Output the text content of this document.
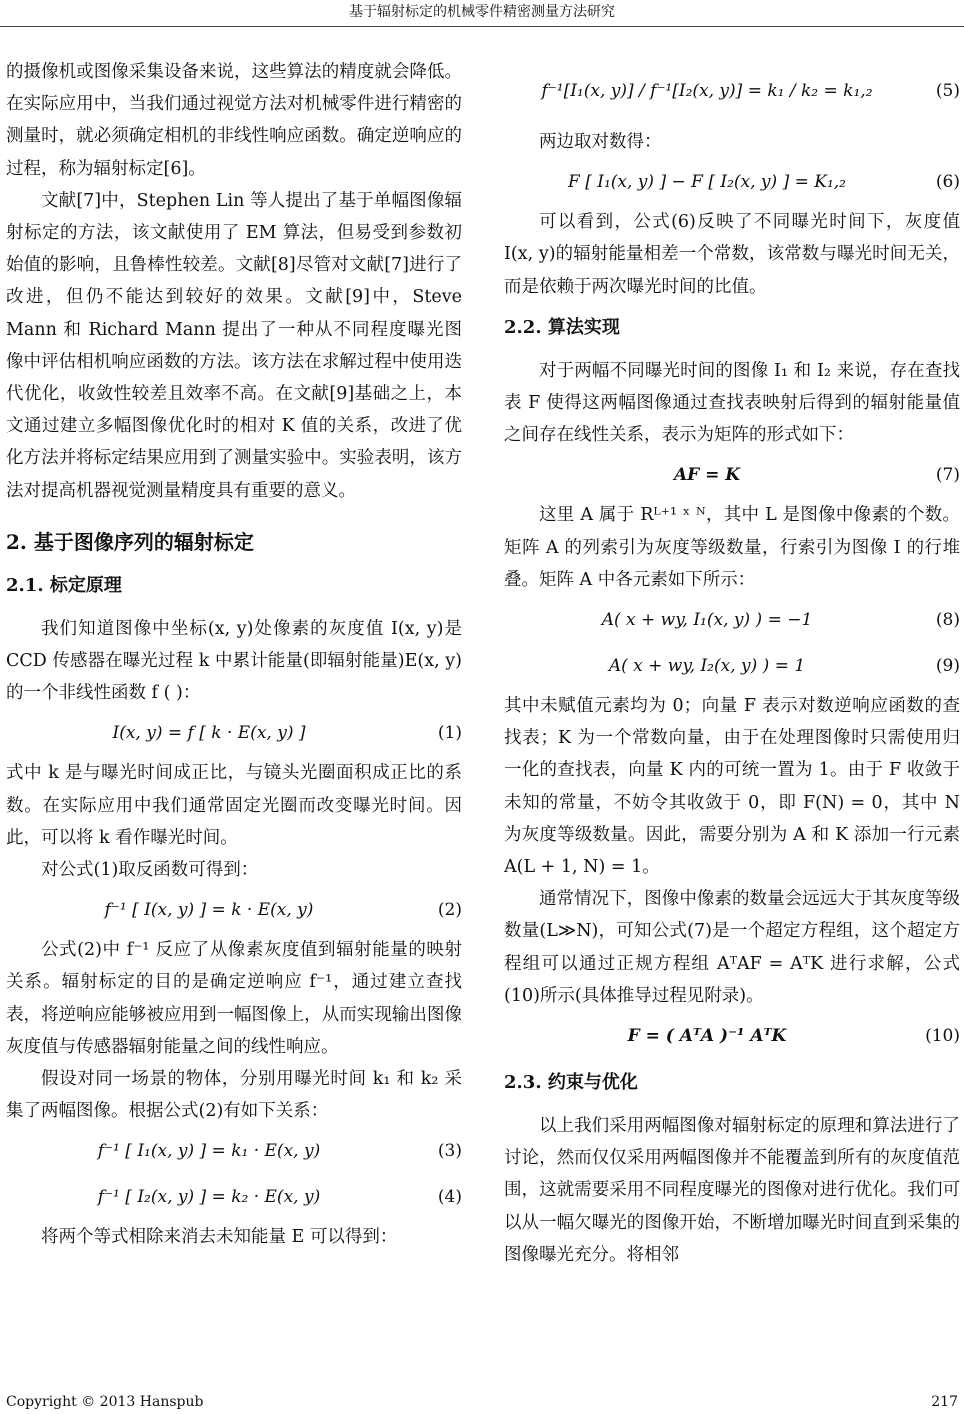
基于辐射标定的机械零件精密测量方法研究

的摄像机或图像采集设备来说，这些算法的精度就会降低。在实际应用中，当我们通过视觉方法对机械零件进行精密的测量时，就必须确定相机的非线性响应函数。确定逆响应的过程，称为辐射标定[6]。

文献[7]中，Stephen Lin 等人提出了基于单幅图像辐射标定的方法，该文献使用了 EM 算法，但易受到参数初始值的影响，且鲁棒性较差。文献[8]尽管对文献[7]进行了改进，但仍不能达到较好的效果。文献[9]中，Steve Mann 和 Richard Mann 提出了一种从不同程度曝光图像中评估相机响应函数的方法。该方法在求解过程中使用迭代优化，收敛性较差且效率不高。在文献[9]基础之上，本文通过建立多幅图像优化时的相对 K 值的关系，改进了优化方法并将标定结果应用到了测量实验中。实验表明，该方法对提高机器视觉测量精度具有重要的意义。

2. 基于图像序列的辐射标定
2.1. 标定原理

我们知道图像中坐标(x, y)处像素的灰度值 I(x, y)是 CCD 传感器在曝光过程 k 中累计能量(即辐射能量)E(x, y)的一个非线性函数 f ( )：

I(x, y) = f [ k · E(x, y) ]	(1)

式中 k 是与曝光时间成正比，与镜头光圈面积成正比的系数。在实际应用中我们通常固定光圈而改变曝光时间。因此，可以将 k 看作曝光时间。

对公式(1)取反函数可得到：

f⁻¹ [ I(x, y) ] = k · E(x, y)	(2)

公式(2)中 f⁻¹ 反应了从像素灰度值到辐射能量的映射关系。辐射标定的目的是确定逆响应 f⁻¹，通过建立查找表，将逆响应能够被应用到一幅图像上，从而实现输出图像灰度值与传感器辐射能量之间的线性响应。

假设对同一场景的物体，分别用曝光时间 k₁ 和 k₂ 采集了两幅图像。根据公式(2)有如下关系：

f⁻¹ [ I₁(x, y) ] = k₁ · E(x, y)	(3)
f⁻¹ [ I₂(x, y) ] = k₂ · E(x, y)	(4)

将两个等式相除来消去未知能量 E 可以得到：

f⁻¹[I₁(x, y)] / f⁻¹[I₂(x, y)] = k₁ / k₂ = k₁,₂	(5)

两边取对数得：

F [ I₁(x, y) ] − F [ I₂(x, y) ] = K₁,₂	(6)

可以看到，公式(6)反映了不同曝光时间下，灰度值 I(x, y)的辐射能量相差一个常数，该常数与曝光时间无关，而是依赖于两次曝光时间的比值。

2.2. 算法实现

对于两幅不同曝光时间的图像 I₁ 和 I₂ 来说，存在查找表 F 使得这两幅图像通过查找表映射后得到的辐射能量值之间存在线性关系，表示为矩阵的形式如下：

AF = K	(7)

这里 A 属于 Rᴸ⁺¹ ˣ ᴺ，其中 L 是图像中像素的个数。矩阵 A 的列索引为灰度等级数量，行索引为图像 I 的行堆叠。矩阵 A 中各元素如下所示：

A( x + wy, I₁(x, y) ) = −1	(8)
A( x + wy, I₂(x, y) ) = 1	(9)

其中未赋值元素均为 0；向量 F 表示对数逆响应函数的查找表；K 为一个常数向量，由于在处理图像时只需使用归一化的查找表，向量 K 内的可统一置为 1。由于 F 收敛于未知的常量，不妨令其收敛于 0，即 F(N) = 0，其中 N 为灰度等级数量。因此，需要分别为 A 和 K 添加一行元素 A(L + 1, N) = 1。

通常情况下，图像中像素的数量会远远大于其灰度等级数量(L≫N)，可知公式(7)是一个超定方程组，这个超定方程组可以通过正规方程组 AᵀAF = AᵀK 进行求解，公式(10)所示(具体推导过程见附录)。

F = ( AᵀA )⁻¹ AᵀK	(10)
2.3. 约束与优化

以上我们采用两幅图像对辐射标定的原理和算法进行了讨论，然而仅仅采用两幅图像并不能覆盖到所有的灰度值范围，这就需要采用不同程度曝光的图像对进行优化。我们可以从一幅欠曝光的图像开始，不断增加曝光时间直到采集的图像曝光充分。将相邻

Copyright © 2013 Hanspub	217
